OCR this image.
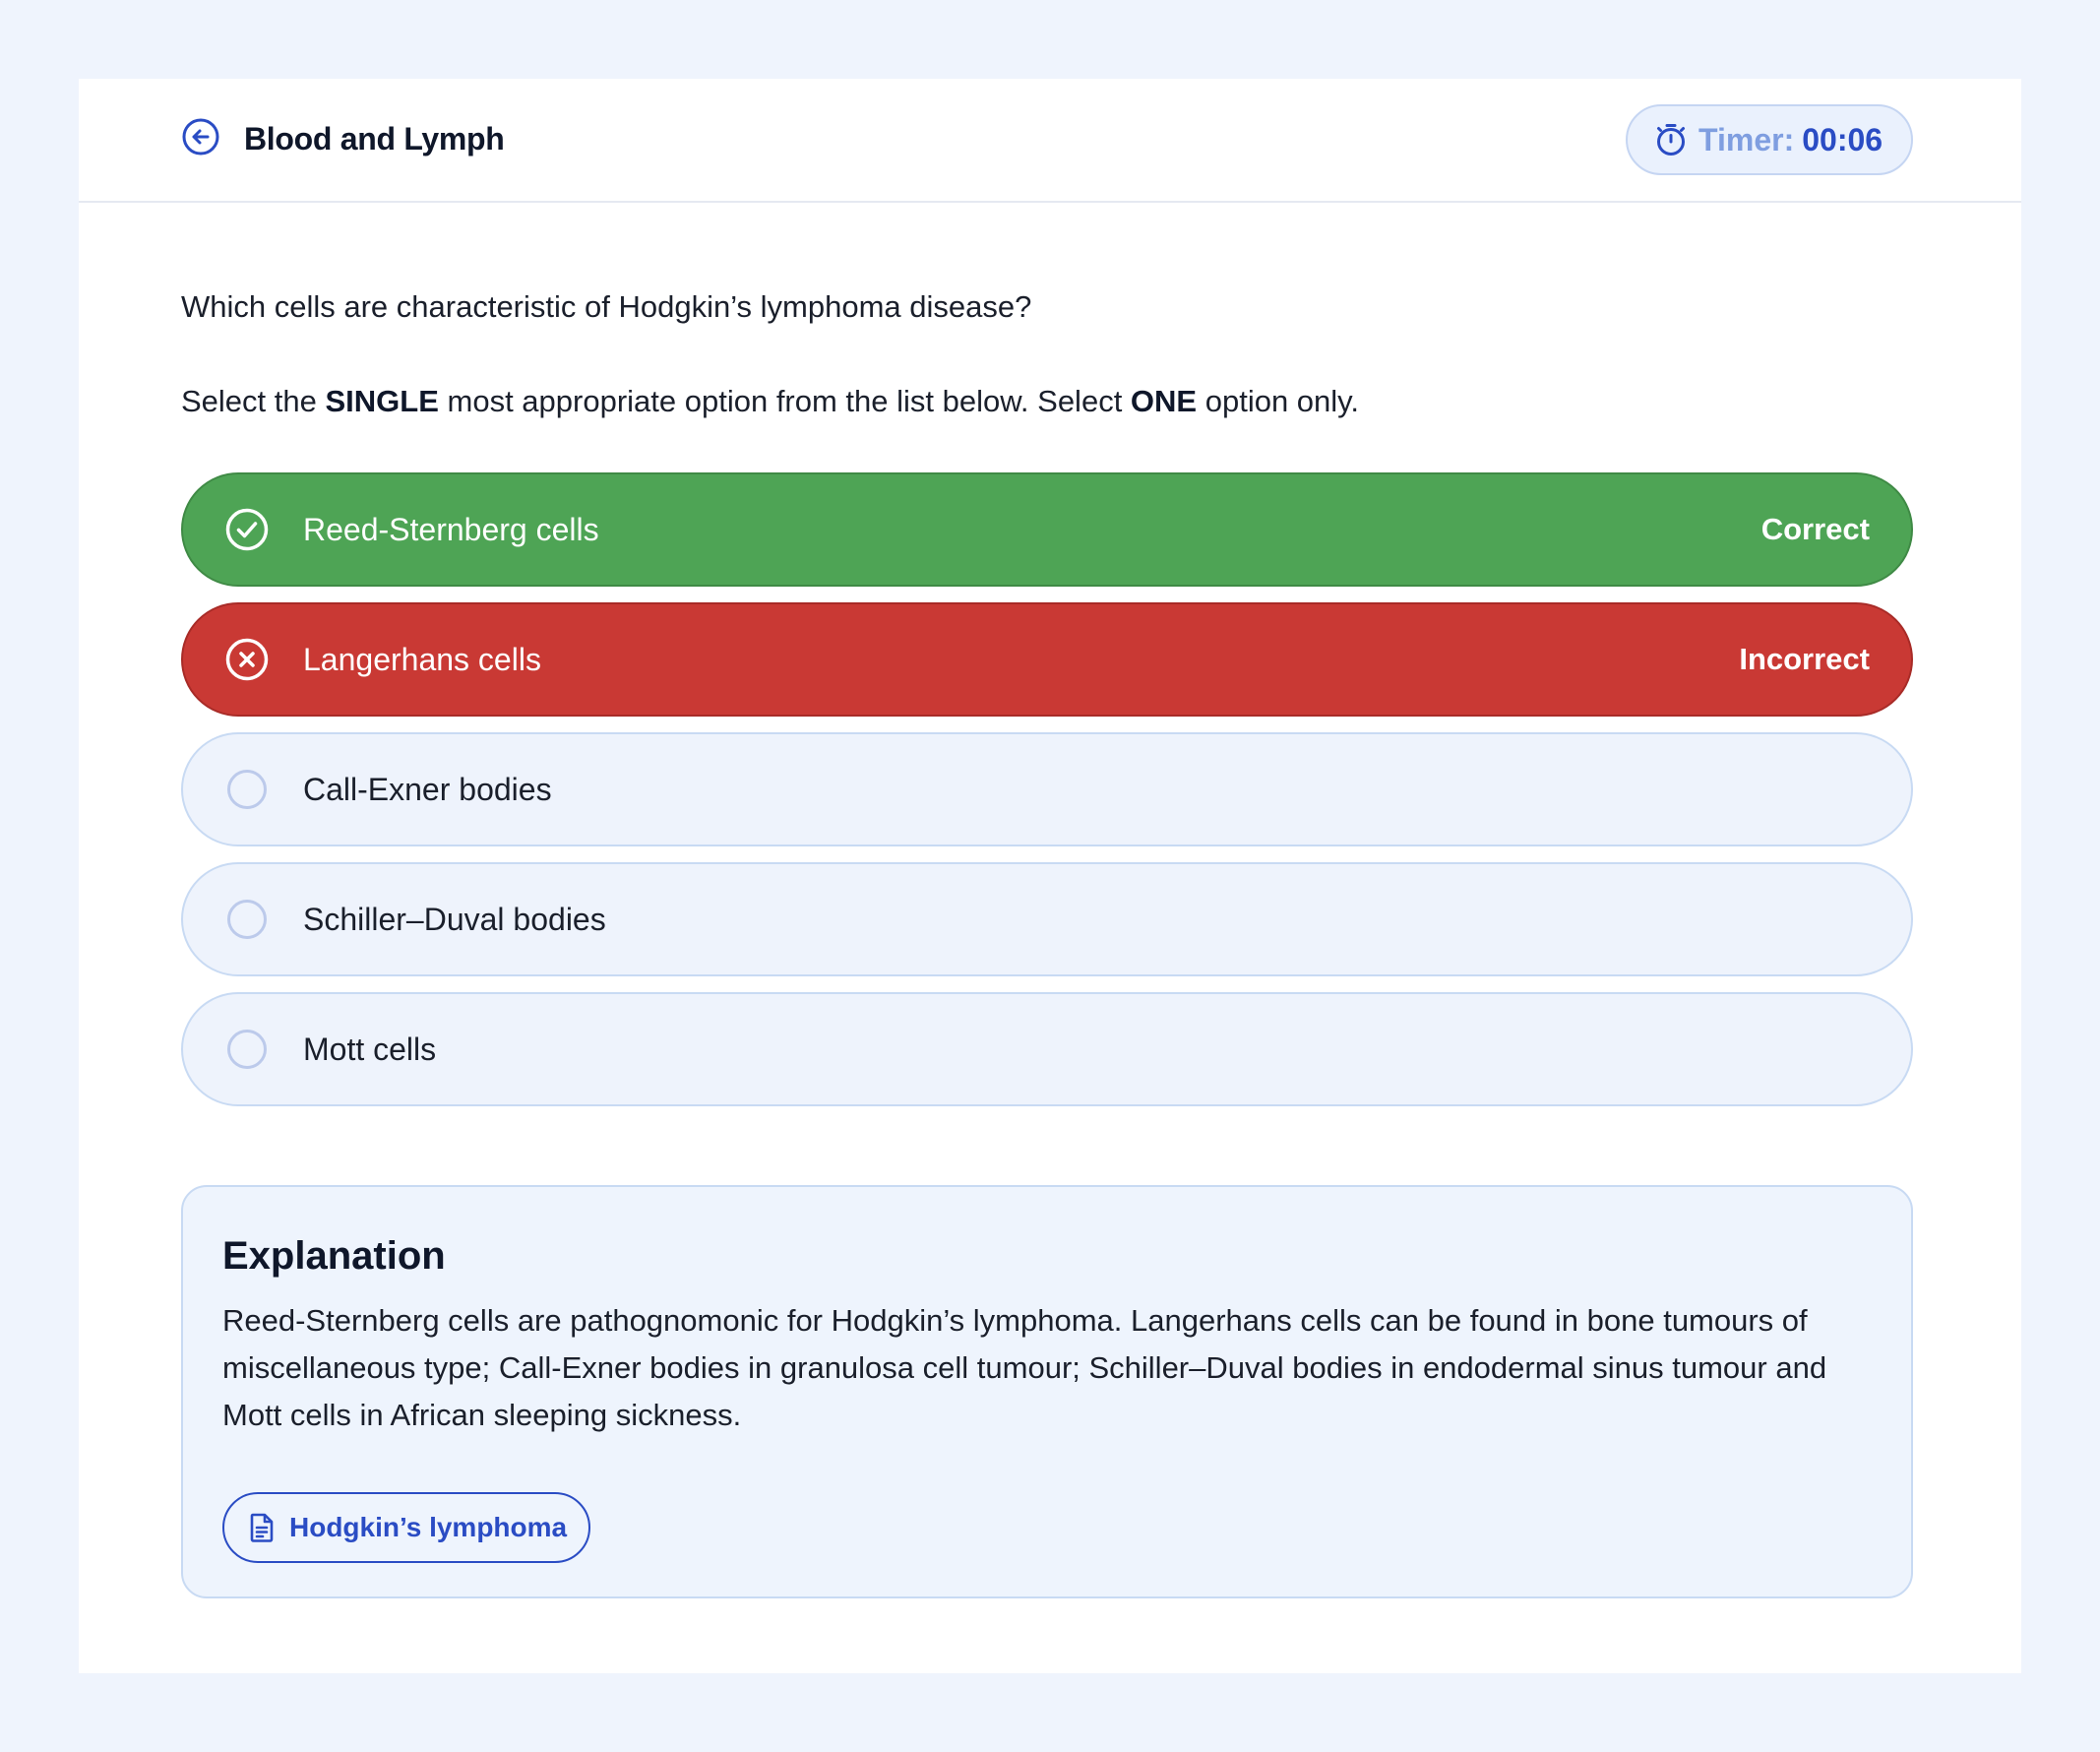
Blood and Lymph	Timer: 00:06
Which cells are characteristic of Hodgkin’s lymphoma disease?
Select the SINGLE most appropriate option from the list below. Select ONE option only.
Reed-Sternberg cells	Correct
Langerhans cells	Incorrect
Call-Exner bodies
Schiller–Duval bodies
Mott cells
Explanation
Reed-Sternberg cells are pathognomonic for Hodgkin’s lymphoma. Langerhans cells can be found in bone tumours of miscellaneous type; Call-Exner bodies in granulosa cell tumour; Schiller–Duval bodies in endodermal sinus tumour and Mott cells in African sleeping sickness.
Hodgkin’s lymphoma
